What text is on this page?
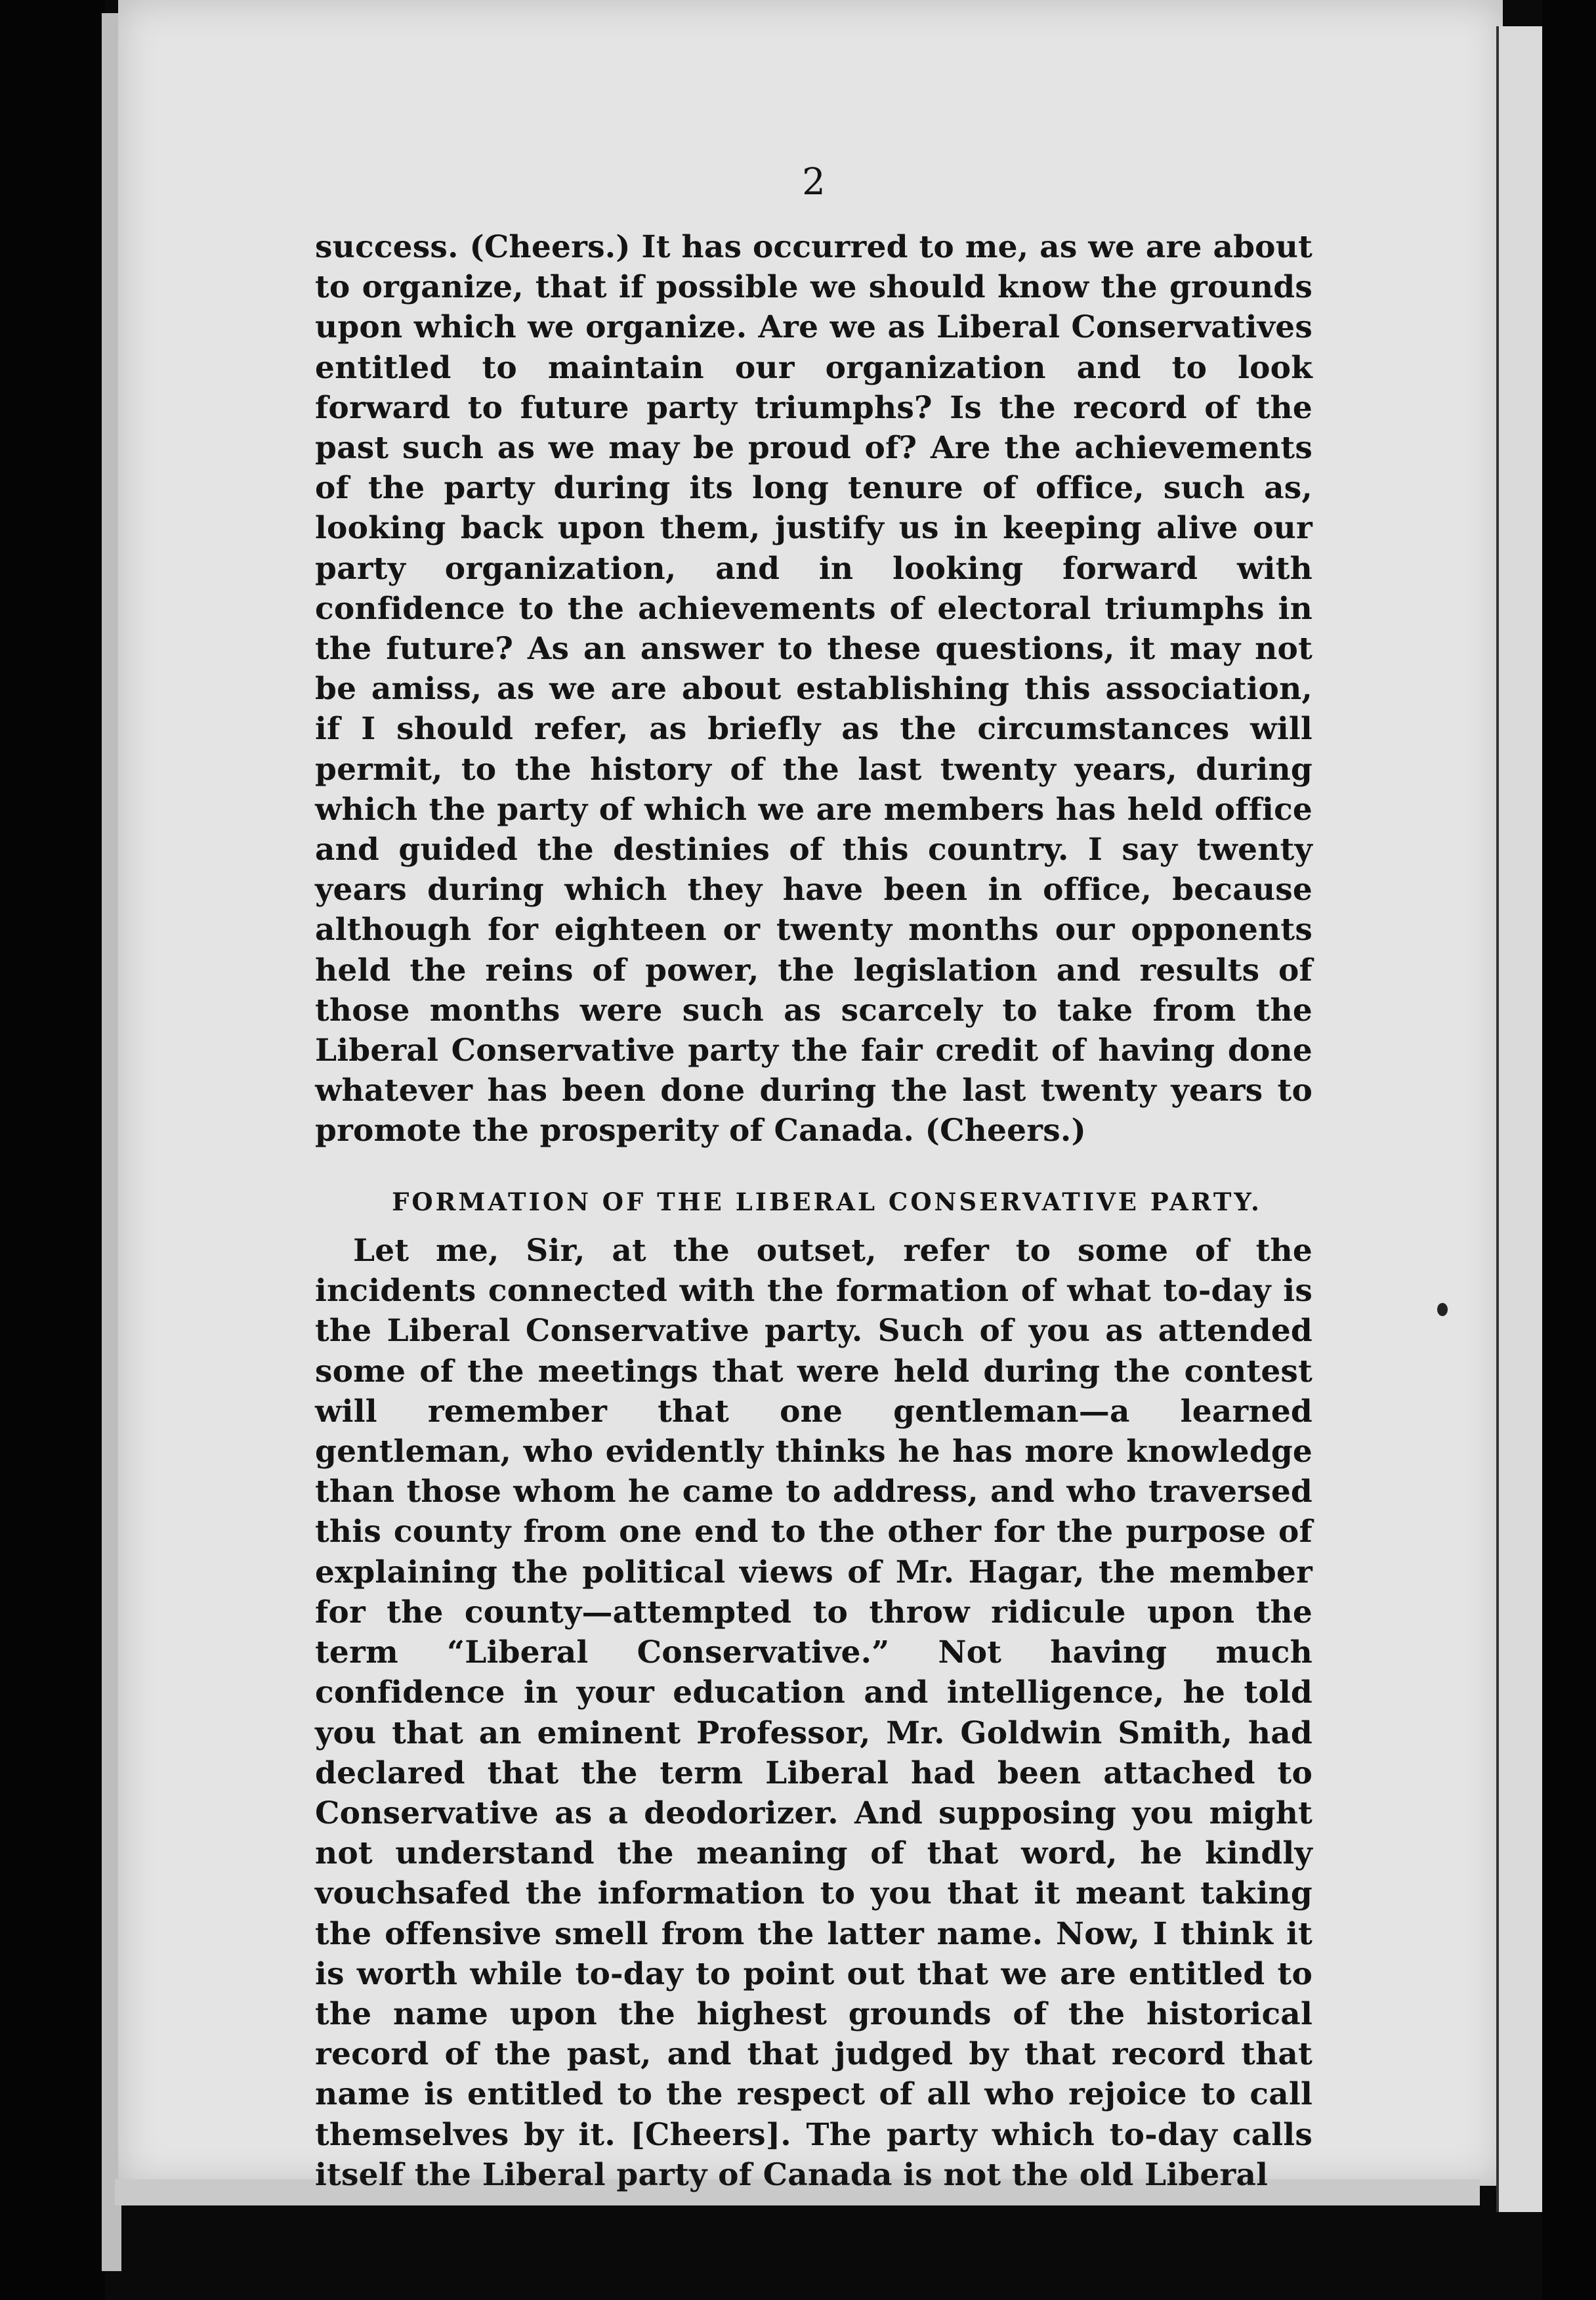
2

success. (Cheers.) It has occurred to me, as we are about to organize, that if possible we should know the grounds upon which we organize. Are we as Liberal Conservatives entitled to maintain our organization and to look forward to future party triumphs? Is the record of the past such as we may be proud of? Are the achievements of the party during its long tenure of office, such as, looking back upon them, justify us in keeping alive our party organization, and in looking forward with confidence to the achievements of electoral triumphs in the future? As an answer to these questions, it may not be amiss, as we are about establishing this association, if I should refer, as briefly as the circumstances will permit, to the history of the last twenty years, during which the party of which we are members has held office and guided the destinies of this country. I say twenty years during which they have been in office, because although for eighteen or twenty months our opponents held the reins of power, the legislation and results of those months were such as scarcely to take from the Liberal Conservative party the fair credit of having done whatever has been done during the last twenty years to promote the prosperity of Canada. (Cheers.)

FORMATION OF THE LIBERAL CONSERVATIVE PARTY.

Let me, Sir, at the outset, refer to some of the incidents connected with the formation of what to-day is the Liberal Conservative party. Such of you as attended some of the meetings that were held during the contest will remember that one gentleman—a learned gentleman, who evidently thinks he has more knowledge than those whom he came to address, and who traversed this county from one end to the other for the purpose of explaining the political views of Mr. Hagar, the member for the county—attempted to throw ridicule upon the term “Liberal Conservative.” Not having much confidence in your education and intelligence, he told you that an eminent Professor, Mr. Goldwin Smith, had declared that the term Liberal had been attached to Conservative as a deodorizer. And supposing you might not understand the meaning of that word, he kindly vouchsafed the information to you that it meant taking the offensive smell from the latter name. Now, I think it is worth while to-day to point out that we are entitled to the name upon the highest grounds of the historical record of the past, and that judged by that record that name is entitled to the respect of all who rejoice to call themselves by it. [Cheers]. The party which to-day calls itself the Liberal party of Canada is not the old Liberal
